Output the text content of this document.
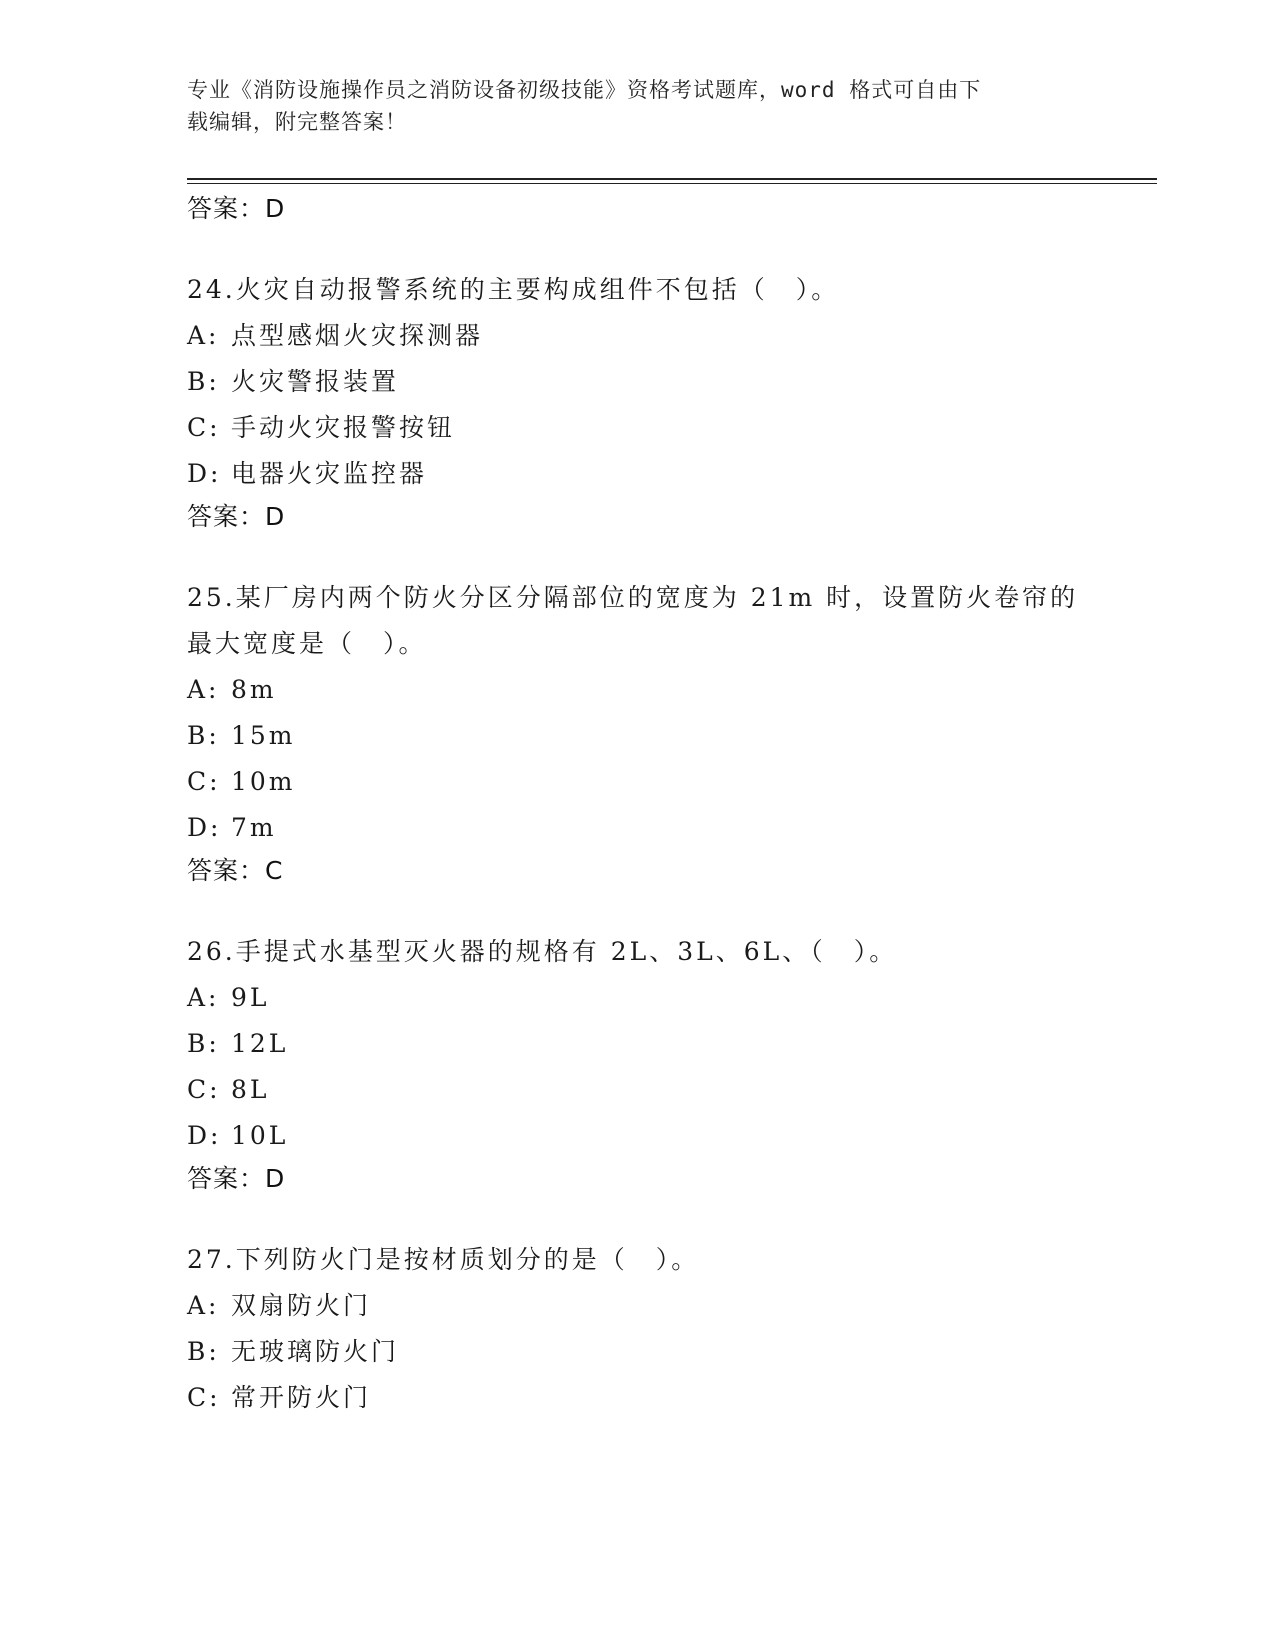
专业《消防设施操作员之消防设备初级技能》资格考试题库，word 格式可自由下
载编辑，附完整答案！
答案：D
24.火灾自动报警系统的主要构成组件不包括（　）。
A: 点型感烟火灾探测器
B: 火灾警报装置
C: 手动火灾报警按钮
D: 电器火灾监控器
答案：D
25.某厂房内两个防火分区分隔部位的宽度为 21m 时，设置防火卷帘的
最大宽度是（　）。
A: 8m
B: 15m
C: 10m
D: 7m
答案：C
26.手提式水基型灭火器的规格有 2L、3L、6L、（　）。
A: 9L
B: 12L
C: 8L
D: 10L
答案：D
27.下列防火门是按材质划分的是（　）。
A: 双扇防火门
B: 无玻璃防火门
C: 常开防火门
